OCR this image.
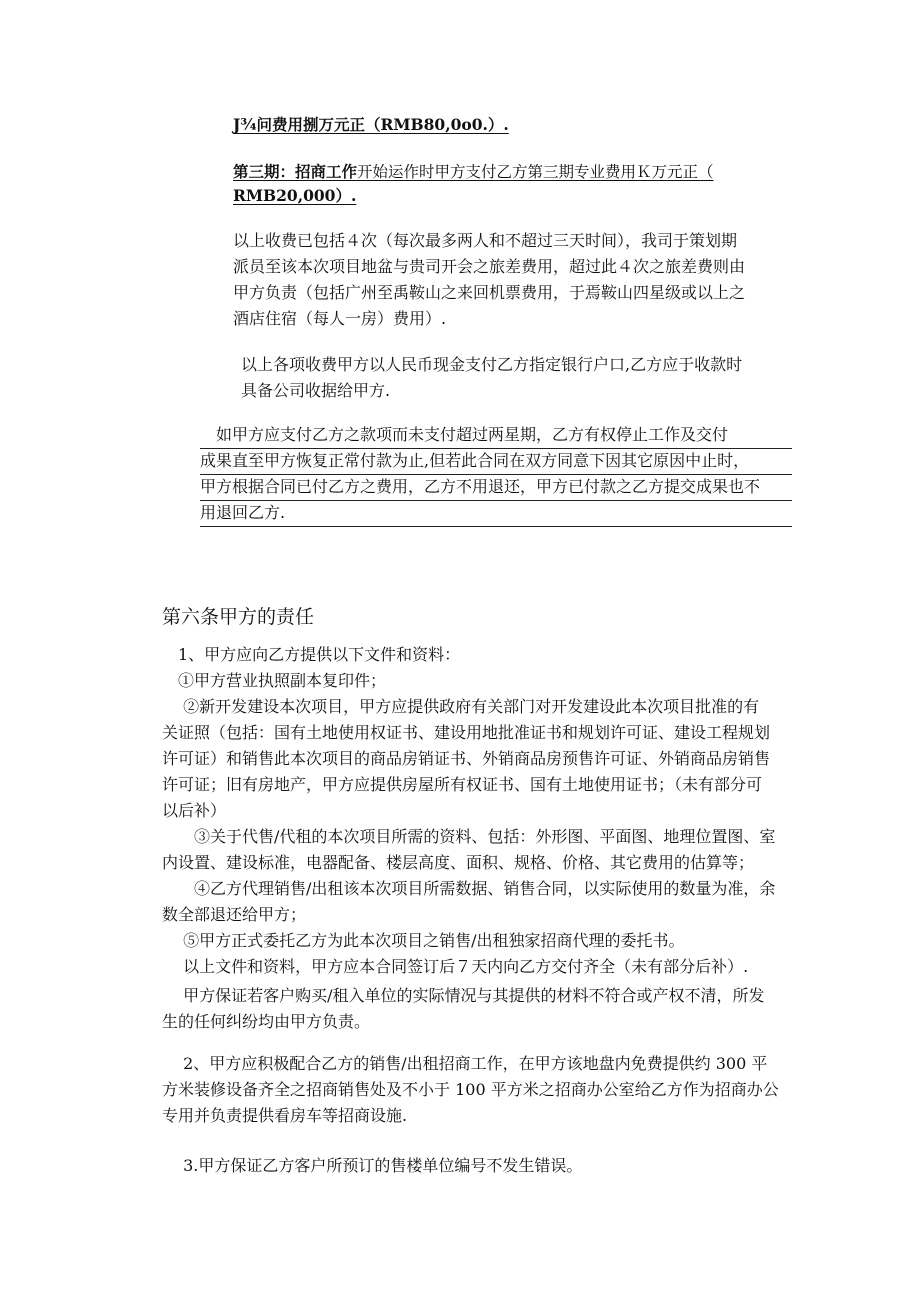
J¾问费用捌万元正（RMB80,0o0.）.

第三期：招商工作开始运作时甲方支付乙方第三期专业费用Ｋ万元正（
RMB20,000）.

以上收费已包括４次（每次最多两人和不超过三天时间），我司于策划期
派员至该本次项目地盆与贵司开会之旅差费用，超过此４次之旅差费则由
甲方负责（包括广州至禹鞍山之来回机票费用，于焉鞍山四星级或以上之
酒店住宿（每人一房）费用）.

以上各项收费甲方以人民币现金支付乙方指定银行户口,乙方应于收款时
具备公司收据给甲方.

　如甲方应支付乙方之款项而未支付超过两星期，乙方有权停止工作及交付
成果直至甲方恢复正常付款为止,但若此合同在双方同意下因其它原因中止时，
甲方根据合同已付乙方之费用，乙方不用退还，甲方已付款之乙方提交成果也不
用退回乙方.

第六条甲方的责任

　1、甲方应向乙方提供以下文件和资料：
　①甲方营业执照副本复印件；
　 ②新开发建设本次项目，甲方应提供政府有关部门对开发建设此本次项目批准的有
关证照（包括：国有土地使用权证书、建设用地批准证书和规划许可证、建设工程规划
许可证）和销售此本次项目的商品房销证书、外销商品房预售许可证、外销商品房销售
许可证；旧有房地产，甲方应提供房屋所有权证书、国有土地使用证书；（未有部分可
以后补）
　　③关于代售/代租的本次项目所需的资料、包括：外形图、平面图、地理位置图、室
内设置、建设标准，电器配备、楼层高度、面积、规格、价格、其它费用的估算等；
　　④乙方代理销售/出租该本次项目所需数据、销售合同，以实际使用的数量为准，余
数全部退还给甲方；
　 ⑤甲方正式委托乙方为此本次项目之销售/出租独家招商代理的委托书。
　 以上文件和资料，甲方应本合同签订后７天内向乙方交付齐全（未有部分后补）.

　 甲方保证若客户购买/租入单位的实际情况与其提供的材料不符合或产权不清，所发
生的任何纠纷均由甲方负责。

　 2、甲方应积极配合乙方的销售/出租招商工作，在甲方该地盘内免费提供约 300 平
方米装修设备齐全之招商销售处及不小于 100 平方米之招商办公室给乙方作为招商办公
专用并负责提供看房车等招商设施.

　 3.甲方保证乙方客户所预订的售楼单位编号不发生错误。
